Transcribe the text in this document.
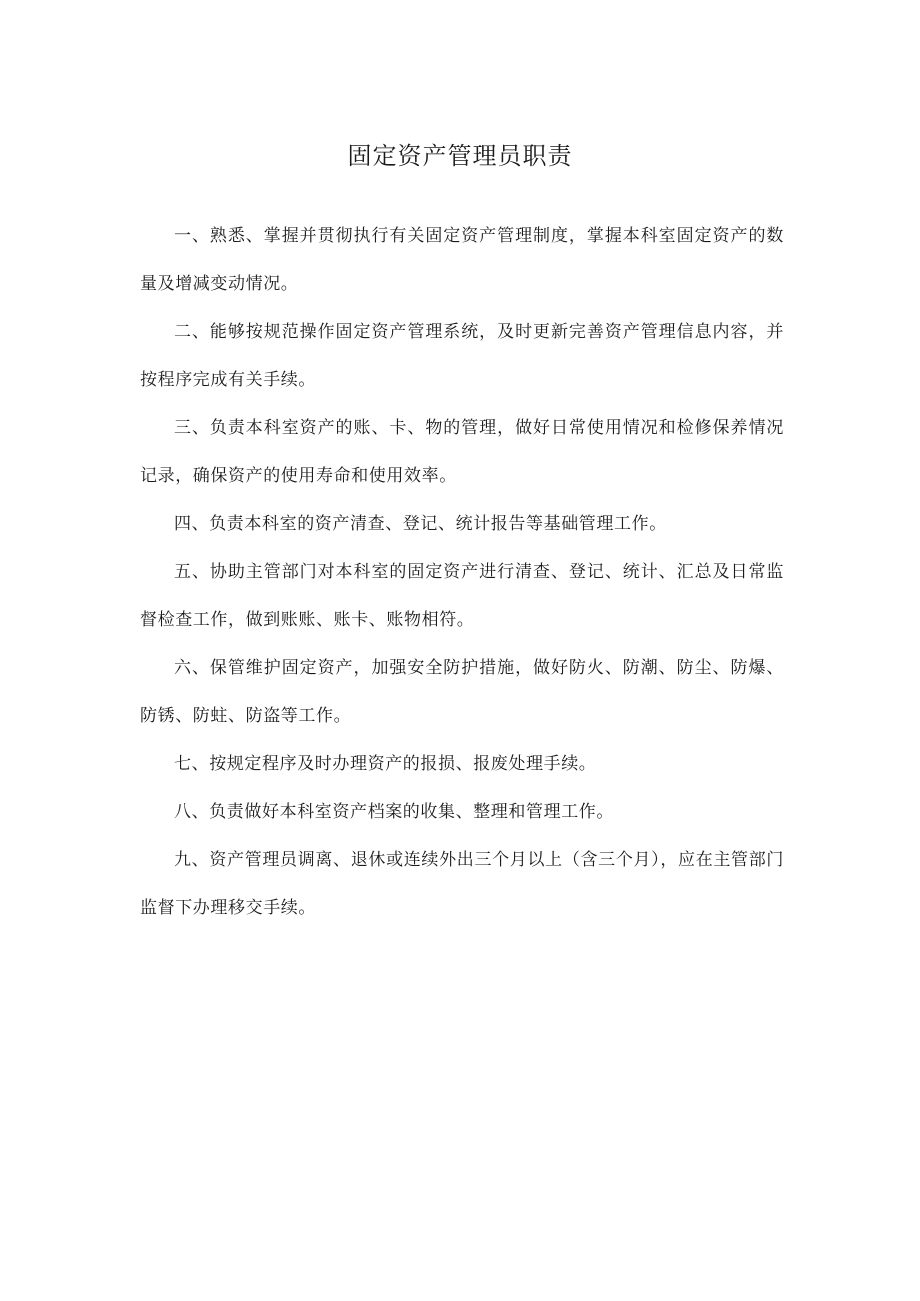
固定资产管理员职责

一、熟悉、掌握并贯彻执行有关固定资产管理制度，掌握本科室固定资产的数量及增减变动情况。

二、能够按规范操作固定资产管理系统，及时更新完善资产管理信息内容，并按程序完成有关手续。

三、负责本科室资产的账、卡、物的管理，做好日常使用情况和检修保养情况记录，确保资产的使用寿命和使用效率。

四、负责本科室的资产清查、登记、统计报告等基础管理工作。

五、协助主管部门对本科室的固定资产进行清查、登记、统计、汇总及日常监督检查工作，做到账账、账卡、账物相符。

六、保管维护固定资产，加强安全防护措施，做好防火、防潮、防尘、防爆、防锈、防蛀、防盗等工作。

七、按规定程序及时办理资产的报损、报废处理手续。

八、负责做好本科室资产档案的收集、整理和管理工作。

九、资产管理员调离、退休或连续外出三个月以上（含三个月），应在主管部门监督下办理移交手续。
